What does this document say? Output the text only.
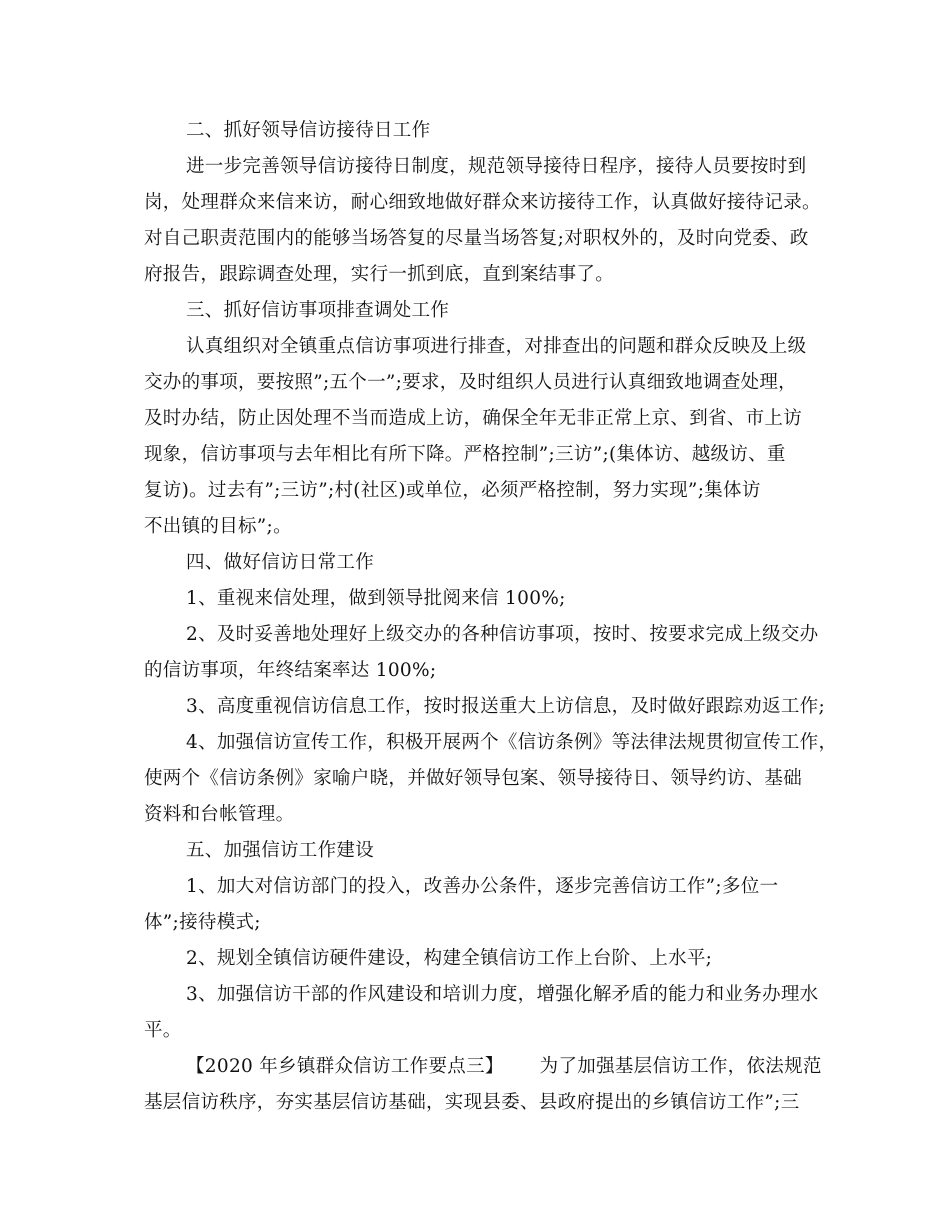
二、抓好领导信访接待日工作
进一步完善领导信访接待日制度，规范领导接待日程序，接待人员要按时到
岗，处理群众来信来访，耐心细致地做好群众来访接待工作，认真做好接待记录。
对自己职责范围内的能够当场答复的尽量当场答复;对职权外的，及时向党委、政
府报告，跟踪调查处理，实行一抓到底，直到案结事了。
三、抓好信访事项排查调处工作
认真组织对全镇重点信访事项进行排查，对排查出的问题和群众反映及上级
交办的事项，要按照”;五个一”;要求，及时组织人员进行认真细致地调查处理，
及时办结，防止因处理不当而造成上访，确保全年无非正常上京、到省、市上访
现象，信访事项与去年相比有所下降。严格控制”;三访”;(集体访、越级访、重
复访)。过去有”;三访”;村(社区)或单位，必须严格控制，努力实现”;集体访
不出镇的目标”;。
四、做好信访日常工作
1、重视来信处理，做到领导批阅来信 100%;
2、及时妥善地处理好上级交办的各种信访事项，按时、按要求完成上级交办
的信访事项，年终结案率达 100%;
3、高度重视信访信息工作，按时报送重大上访信息，及时做好跟踪劝返工作;
4、加强信访宣传工作，积极开展两个《信访条例》等法律法规贯彻宣传工作，
使两个《信访条例》家喻户晓，并做好领导包案、领导接待日、领导约访、基础
资料和台帐管理。
五、加强信访工作建设
1、加大对信访部门的投入，改善办公条件，逐步完善信访工作”;多位一
体”;接待模式;
2、规划全镇信访硬件建设，构建全镇信访工作上台阶、上水平;
3、加强信访干部的作风建设和培训力度，增强化解矛盾的能力和业务办理水
平。
【2020 年乡镇群众信访工作要点三】 为了加强基层信访工作，依法规范
基层信访秩序，夯实基层信访基础，实现县委、县政府提出的乡镇信访工作”;三
